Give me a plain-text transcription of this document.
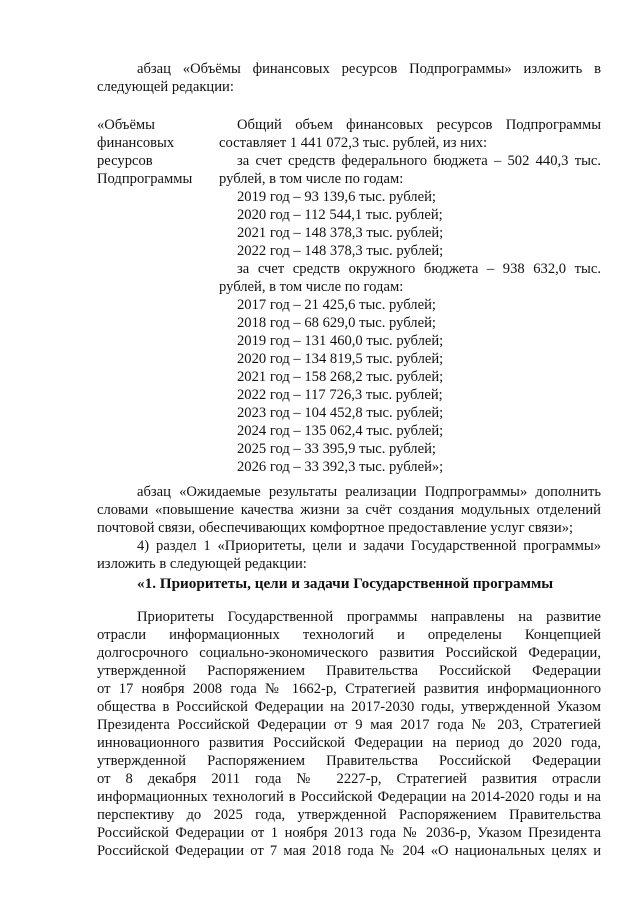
абзац «Объёмы финансовых ресурсов Подпрограммы» изложить в
следующей редакции:
«Объёмы
финансовых
ресурсов
Подпрограммы
Общий объем финансовых ресурсов Подпрограммы
составляет 1 441 072,3 тыс. рублей, из них:
за счет средств федерального бюджета – 502 440,3 тыс.
рублей, в том числе по годам:
2019 год – 93 139,6 тыс. рублей;
2020 год – 112 544,1 тыс. рублей;
2021 год – 148 378,3 тыс. рублей;
2022 год – 148 378,3 тыс. рублей;
за счет средств окружного бюджета – 938 632,0 тыс.
рублей, в том числе по годам:
2017 год – 21 425,6 тыс. рублей;
2018 год – 68 629,0 тыс. рублей;
2019 год – 131 460,0 тыс. рублей;
2020 год – 134 819,5 тыс. рублей;
2021 год – 158 268,2 тыс. рублей;
2022 год – 117 726,3 тыс. рублей;
2023 год – 104 452,8 тыс. рублей;
2024 год – 135 062,4 тыс. рублей;
2025 год – 33 395,9 тыс. рублей;
2026 год – 33 392,3 тыс. рублей»;
абзац «Ожидаемые результаты реализации Подпрограммы» дополнить
словами «повышение качества жизни за счёт создания модульных отделений
почтовой связи, обеспечивающих комфортное предоставление услуг связи»;
4) раздел 1 «Приоритеты, цели и задачи Государственной программы»
изложить в следующей редакции:
«1. Приоритеты, цели и задачи Государственной программы
Приоритеты Государственной программы направлены на развитие
отрасли информационных технологий и определены Концепцией
долгосрочного социально-экономического развития Российской Федерации,
утвержденной Распоряжением Правительства Российской Федерации
от 17 ноября 2008 года № 1662-р, Стратегией развития информационного
общества в Российской Федерации на 2017-2030 годы, утвержденной Указом
Президента Российской Федерации от 9 мая 2017 года № 203, Стратегией
инновационного развития Российской Федерации на период до 2020 года,
утвержденной Распоряжением Правительства Российской Федерации
от 8 декабря 2011 года № 2227-р, Стратегией развития отрасли
информационных технологий в Российской Федерации на 2014-2020 годы и на
перспективу до 2025 года, утвержденной Распоряжением Правительства
Российской Федерации от 1 ноября 2013 года № 2036-р, Указом Президента
Российской Федерации от 7 мая 2018 года № 204 «О национальных целях и
